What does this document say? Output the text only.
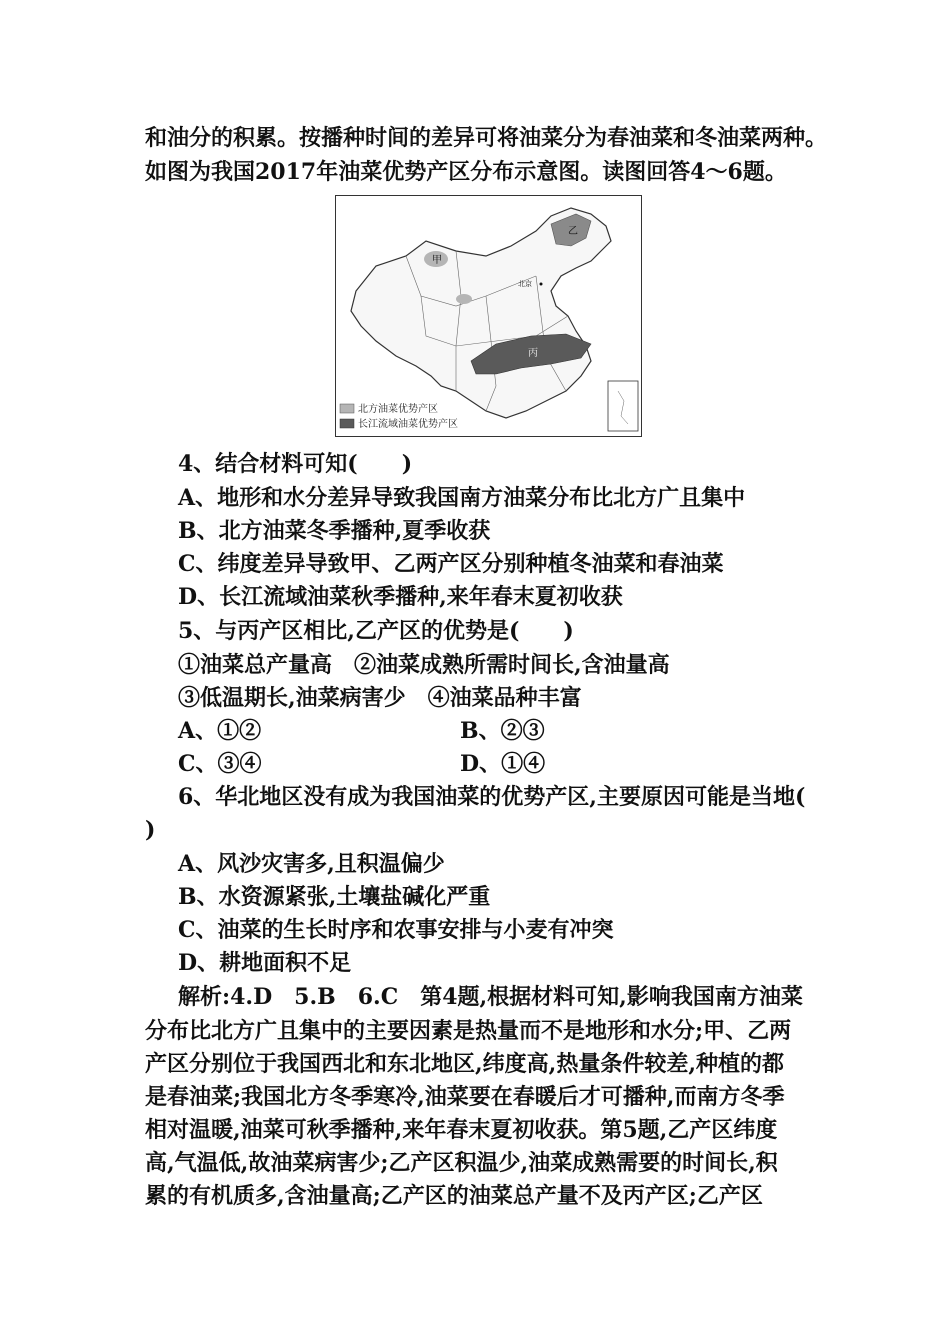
和油分的积累。按播种时间的差异可将油菜分为春油菜和冬油菜两种。
如图为我国2017年油菜优势产区分布示意图。读图回答4～6题。
甲
乙
丙
北京
北方油菜优势产区
长江流域油菜优势产区
4、结合材料可知(　　)
A、地形和水分差异导致我国南方油菜分布比北方广且集中
B、北方油菜冬季播种,夏季收获
C、纬度差异导致甲、乙两产区分别种植冬油菜和春油菜
D、长江流域油菜秋季播种,来年春末夏初收获
5、与丙产区相比,乙产区的优势是(　　)
①油菜总产量高　②油菜成熟所需时间长,含油量高
③低温期长,油菜病害少　④油菜品种丰富
A、①②	B、②③
C、③④	D、①④
6、华北地区没有成为我国油菜的优势产区,主要原因可能是当地(
)
A、风沙灾害多,且积温偏少
B、水资源紧张,土壤盐碱化严重
C、油菜的生长时序和农事安排与小麦有冲突
D、耕地面积不足
解析:4.D　5.B　6.C　第4题,根据材料可知,影响我国南方油菜
分布比北方广且集中的主要因素是热量而不是地形和水分;甲、乙两
产区分别位于我国西北和东北地区,纬度高,热量条件较差,种植的都
是春油菜;我国北方冬季寒冷,油菜要在春暖后才可播种,而南方冬季
相对温暖,油菜可秋季播种,来年春末夏初收获。第5题,乙产区纬度
高,气温低,故油菜病害少;乙产区积温少,油菜成熟需要的时间长,积
累的有机质多,含油量高;乙产区的油菜总产量不及丙产区;乙产区
